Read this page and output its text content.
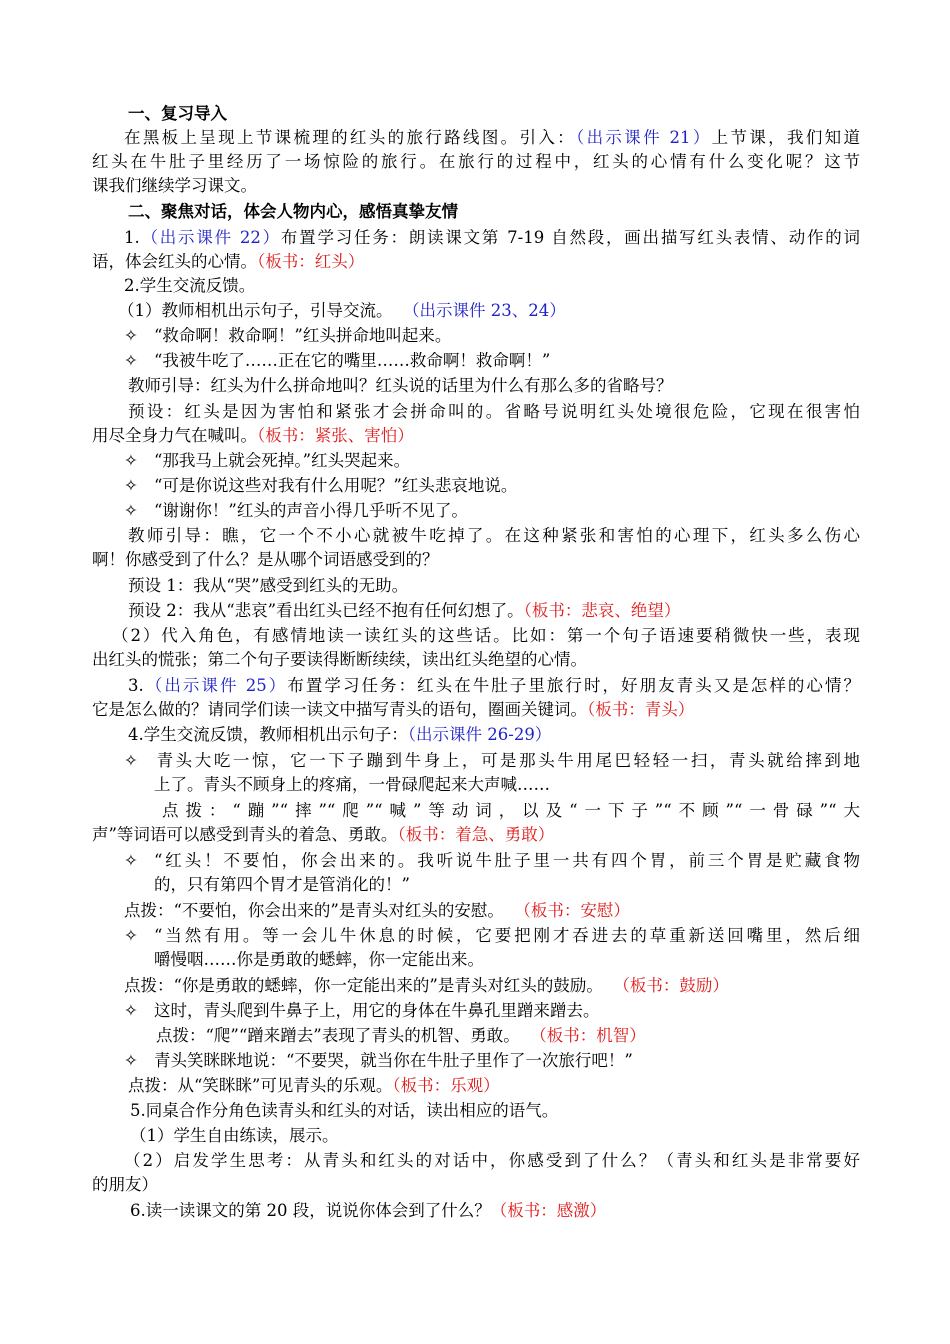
一、复习导入
在黑板上呈现上节课梳理的红头的旅行路线图。引入：（出示课件 21）上节课，我们知道
红头在牛肚子里经历了一场惊险的旅行。在旅行的过程中，红头的心情有什么变化呢？这节
课我们继续学习课文。
二、聚焦对话，体会人物内心，感悟真挚友情
1.（出示课件 22）布置学习任务：朗读课文第 7-19 自然段，画出描写红头表情、动作的词
语，体会红头的心情。（板书：红头）
2.学生交流反馈。
（1）教师相机出示句子，引导交流。 （出示课件 23、24）
✧ “救命啊！救命啊！”红头拼命地叫起来。
✧ “我被牛吃了……正在它的嘴里……救命啊！救命啊！”
教师引导：红头为什么拼命地叫？红头说的话里为什么有那么多的省略号？
预设：红头是因为害怕和紧张才会拼命叫的。省略号说明红头处境很危险，它现在很害怕
用尽全身力气在喊叫。（板书：紧张、害怕）
✧ “那我马上就会死掉。”红头哭起来。
✧ “可是你说这些对我有什么用呢？”红头悲哀地说。
✧ “谢谢你！”红头的声音小得几乎听不见了。
教师引导：瞧，它一个不小心就被牛吃掉了。在这种紧张和害怕的心理下，红头多么伤心
啊！你感受到了什么？是从哪个词语感受到的？
预设 1：我从“哭”感受到红头的无助。
预设 2：我从“悲哀”看出红头已经不抱有任何幻想了。（板书：悲哀、绝望）
（2）代入角色，有感情地读一读红头的这些话。比如：第一个句子语速要稍微快一些，表现
出红头的慌张；第二个句子要读得断断续续，读出红头绝望的心情。
3.（出示课件 25）布置学习任务：红头在牛肚子里旅行时，好朋友青头又是怎样的心情？
它是怎么做的？请同学们读一读文中描写青头的语句，圈画关键词。（板书：青头）
4.学生交流反馈，教师相机出示句子：（出示课件 26-29）
✧ 青头大吃一惊，它一下子蹦到牛身上，可是那头牛用尾巴轻轻一扫，青头就给摔到地
上了。青头不顾身上的疼痛，一骨碌爬起来大声喊……
点拨：“蹦”“摔”“爬”“喊”等动词，以及“一下子”“不顾”“一骨碌”“大
声”等词语可以感受到青头的着急、勇敢。（板书：着急、勇敢）
✧ “红头！不要怕，你会出来的。我听说牛肚子里一共有四个胃，前三个胃是贮藏食物
的，只有第四个胃才是管消化的！”
点拨：“不要怕，你会出来的”是青头对红头的安慰。 （板书：安慰）
✧ “当然有用。等一会儿牛休息的时候，它要把刚才吞进去的草重新送回嘴里，然后细
嚼慢咽……你是勇敢的蟋蟀，你一定能出来。
点拨：“你是勇敢的蟋蟀，你一定能出来的”是青头对红头的鼓励。 （板书：鼓励）
✧ 这时，青头爬到牛鼻子上，用它的身体在牛鼻孔里蹭来蹭去。
点拨：“爬”“蹭来蹭去”表现了青头的机智、勇敢。 （板书：机智）
✧ 青头笑眯眯地说：“不要哭，就当你在牛肚子里作了一次旅行吧！”
点拨：从“笑眯眯”可见青头的乐观。（板书：乐观）
5.同桌合作分角色读青头和红头的对话，读出相应的语气。
（1）学生自由练读，展示。
（2）启发学生思考：从青头和红头的对话中，你感受到了什么？（青头和红头是非常要好
的朋友）
6.读一读课文的第 20 段，说说你体会到了什么？（板书：感激）
